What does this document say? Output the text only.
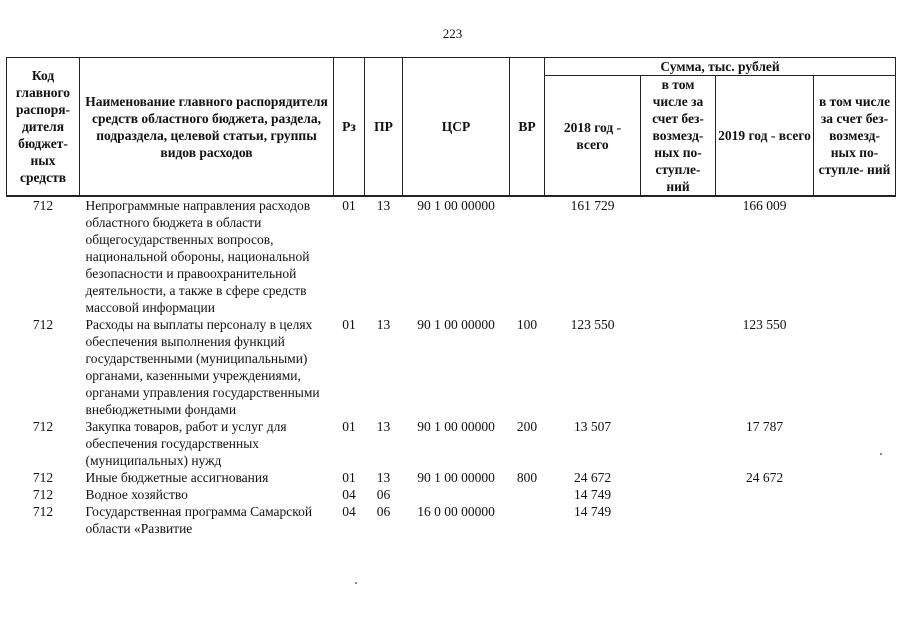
223
Код главного распоря- дителя бюджет- ных средств	Наименование главного распорядителя средств областного бюджета, раздела, подраздела, целевой статьи, группы видов расходов	Рз	ПР	ЦСР	ВР	Сумма, тыс. рублей			
						2018 год - всего	в том числе за счет без- возмезд- ных по- ступле- ний	2019 год - всего	в том числе за счет без- возмезд- ных по- ступле- ний
712	Непрограммные направления расходов областного бюджета в области общегосударственных вопросов, национальной обороны, национальной безопасности и правоохранительной деятельности, а также в сфере средств массовой информации	01	13	90 1 00 00000		161 729		166 009	
712	Расходы на выплаты персоналу в целях обеспечения выполнения функций государственными (муниципальными) органами, казенными учреждениями, органами управления государственными внебюджетными фондами	01	13	90 1 00 00000	100	123 550		123 550	
712	Закупка товаров, работ и услуг для обеспечения государственных (муниципальных) нужд	01	13	90 1 00 00000	200	13 507		17 787	
712	Иные бюджетные ассигнования	01	13	90 1 00 00000	800	24 672		24 672	
712	Водное хозяйство	04	06			14 749			
712	Государственная программа Самарской области «Развитие	04	06	16 0 00 00000		14 749			
